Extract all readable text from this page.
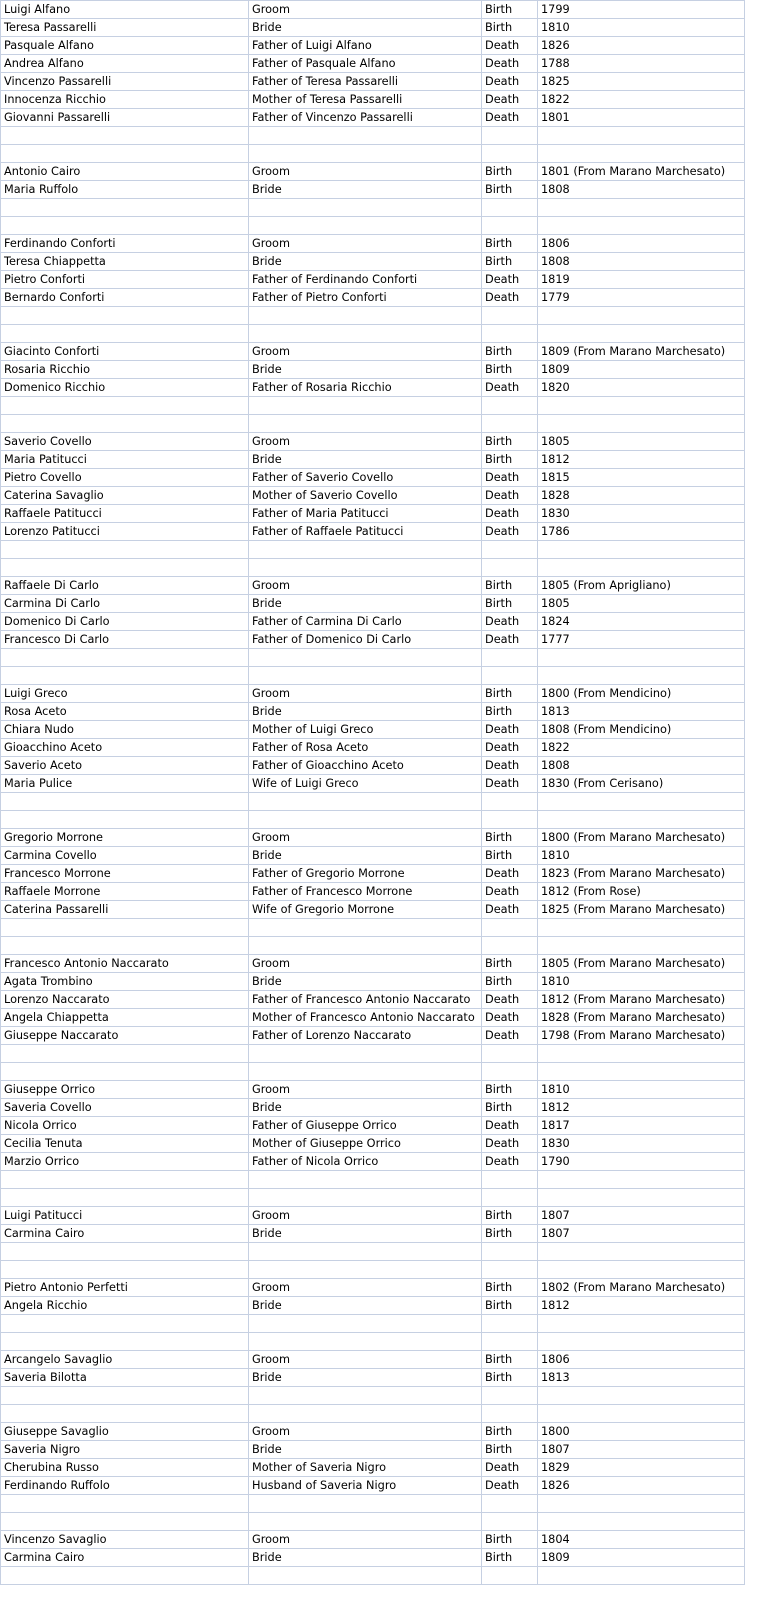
Luigi Alfano	Groom	Birth	1799
Teresa Passarelli	Bride	Birth	1810
Pasquale Alfano	Father of Luigi Alfano	Death	1826
Andrea Alfano	Father of Pasquale Alfano	Death	1788
Vincenzo Passarelli	Father of Teresa Passarelli	Death	1825
Innocenza Ricchio	Mother of Teresa Passarelli	Death	1822
Giovanni Passarelli	Father of Vincenzo Passarelli	Death	1801

Antonio Cairo	Groom	Birth	1801 (From Marano Marchesato)
Maria Ruffolo	Bride	Birth	1808

Ferdinando Conforti	Groom	Birth	1806
Teresa Chiappetta	Bride	Birth	1808
Pietro Conforti	Father of Ferdinando Conforti	Death	1819
Bernardo Conforti	Father of Pietro Conforti	Death	1779

Giacinto Conforti	Groom	Birth	1809 (From Marano Marchesato)
Rosaria Ricchio	Bride	Birth	1809
Domenico Ricchio	Father of Rosaria Ricchio	Death	1820

Saverio Covello	Groom	Birth	1805
Maria Patitucci	Bride	Birth	1812
Pietro Covello	Father of Saverio Covello	Death	1815
Caterina Savaglio	Mother of Saverio Covello	Death	1828
Raffaele Patitucci	Father of Maria Patitucci	Death	1830
Lorenzo Patitucci	Father of Raffaele Patitucci	Death	1786

Raffaele Di Carlo	Groom	Birth	1805 (From Aprigliano)
Carmina Di Carlo	Bride	Birth	1805
Domenico Di Carlo	Father of Carmina Di Carlo	Death	1824
Francesco Di Carlo	Father of Domenico Di Carlo	Death	1777

Luigi Greco	Groom	Birth	1800 (From Mendicino)
Rosa Aceto	Bride	Birth	1813
Chiara Nudo	Mother of Luigi Greco	Death	1808 (From Mendicino)
Gioacchino Aceto	Father of Rosa Aceto	Death	1822
Saverio Aceto	Father of Gioacchino Aceto	Death	1808
Maria Pulice	Wife of Luigi Greco	Death	1830 (From Cerisano)

Gregorio Morrone	Groom	Birth	1800 (From Marano Marchesato)
Carmina Covello	Bride	Birth	1810
Francesco Morrone	Father of Gregorio Morrone	Death	1823 (From Marano Marchesato)
Raffaele Morrone	Father of Francesco Morrone	Death	1812 (From Rose)
Caterina Passarelli	Wife of Gregorio Morrone	Death	1825 (From Marano Marchesato)

Francesco Antonio Naccarato	Groom	Birth	1805 (From Marano Marchesato)
Agata Trombino	Bride	Birth	1810
Lorenzo Naccarato	Father of Francesco Antonio Naccarato	Death	1812 (From Marano Marchesato)
Angela Chiappetta	Mother of Francesco Antonio Naccarato	Death	1828 (From Marano Marchesato)
Giuseppe Naccarato	Father of Lorenzo Naccarato	Death	1798 (From Marano Marchesato)

Giuseppe Orrico	Groom	Birth	1810
Saveria Covello	Bride	Birth	1812
Nicola Orrico	Father of Giuseppe Orrico	Death	1817
Cecilia Tenuta	Mother of Giuseppe Orrico	Death	1830
Marzio Orrico	Father of Nicola Orrico	Death	1790

Luigi Patitucci	Groom	Birth	1807
Carmina Cairo	Bride	Birth	1807

Pietro Antonio Perfetti	Groom	Birth	1802 (From Marano Marchesato)
Angela Ricchio	Bride	Birth	1812

Arcangelo Savaglio	Groom	Birth	1806
Saveria Bilotta	Bride	Birth	1813

Giuseppe Savaglio	Groom	Birth	1800
Saveria Nigro	Bride	Birth	1807
Cherubina Russo	Mother of Saveria Nigro	Death	1829
Ferdinando Ruffolo	Husband of Saveria Nigro	Death	1826

Vincenzo Savaglio	Groom	Birth	1804
Carmina Cairo	Bride	Birth	1809
